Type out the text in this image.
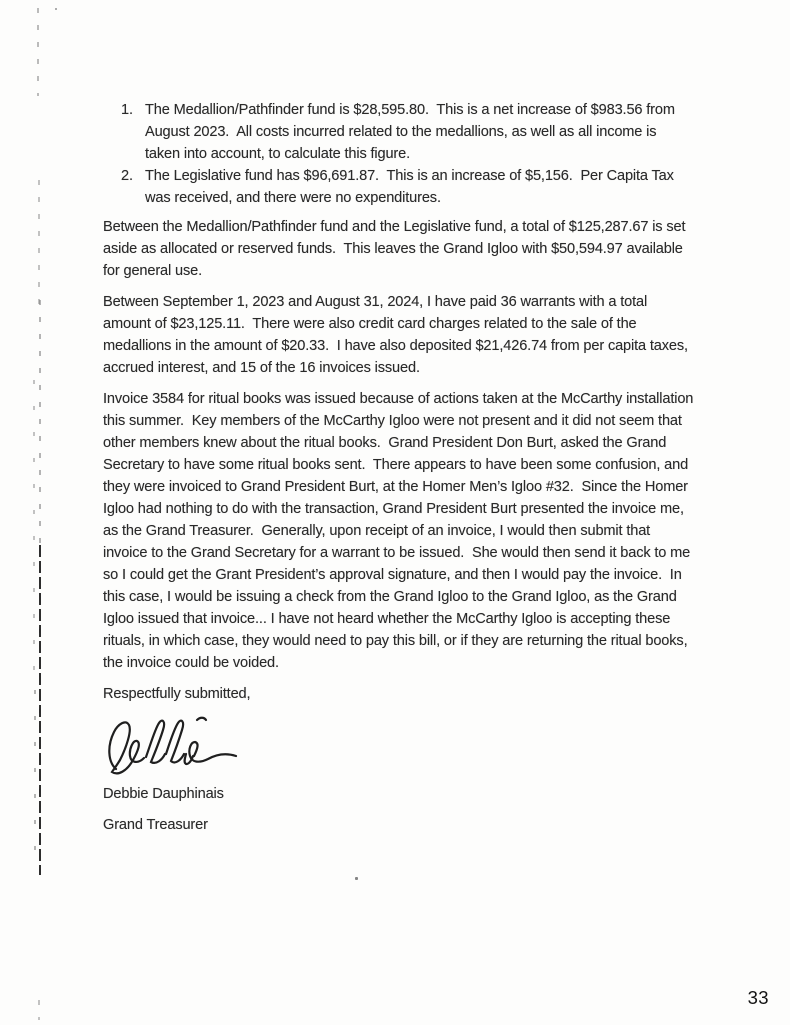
1. The Medallion/Pathfinder fund is $28,595.80.  This is a net increase of $983.56 from August 2023.  All costs incurred related to the medallions, as well as all income is taken into account, to calculate this figure.
2. The Legislative fund has $96,691.87.  This is an increase of $5,156.  Per Capita Tax was received, and there were no expenditures.

Between the Medallion/Pathfinder fund and the Legislative fund, a total of $125,287.67 is set aside as allocated or reserved funds.  This leaves the Grand Igloo with $50,594.97 available for general use.

Between September 1, 2023 and August 31, 2024, I have paid 36 warrants with a total amount of $23,125.11.  There were also credit card charges related to the sale of the medallions in the amount of $20.33.  I have also deposited $21,426.74 from per capita taxes, accrued interest, and 15 of the 16 invoices issued.

Invoice 3584 for ritual books was issued because of actions taken at the McCarthy installation this summer.  Key members of the McCarthy Igloo were not present and it did not seem that other members knew about the ritual books.  Grand President Don Burt, asked the Grand Secretary to have some ritual books sent.  There appears to have been some confusion, and they were invoiced to Grand President Burt, at the Homer Men’s Igloo #32.  Since the Homer Igloo had nothing to do with the transaction, Grand President Burt presented the invoice me, as the Grand Treasurer.  Generally, upon receipt of an invoice, I would then submit that invoice to the Grand Secretary for a warrant to be issued.  She would then send it back to me so I could get the Grant President’s approval signature, and then I would pay the invoice.  In this case, I would be issuing a check from the Grand Igloo to the Grand Igloo, as the Grand Igloo issued that invoice... I have not heard whether the McCarthy Igloo is accepting these rituals, in which case, they would need to pay this bill, or if they are returning the ritual books, the invoice could be voided.

Respectfully submitted,

Debbie Dauphinais

Grand Treasurer

33
